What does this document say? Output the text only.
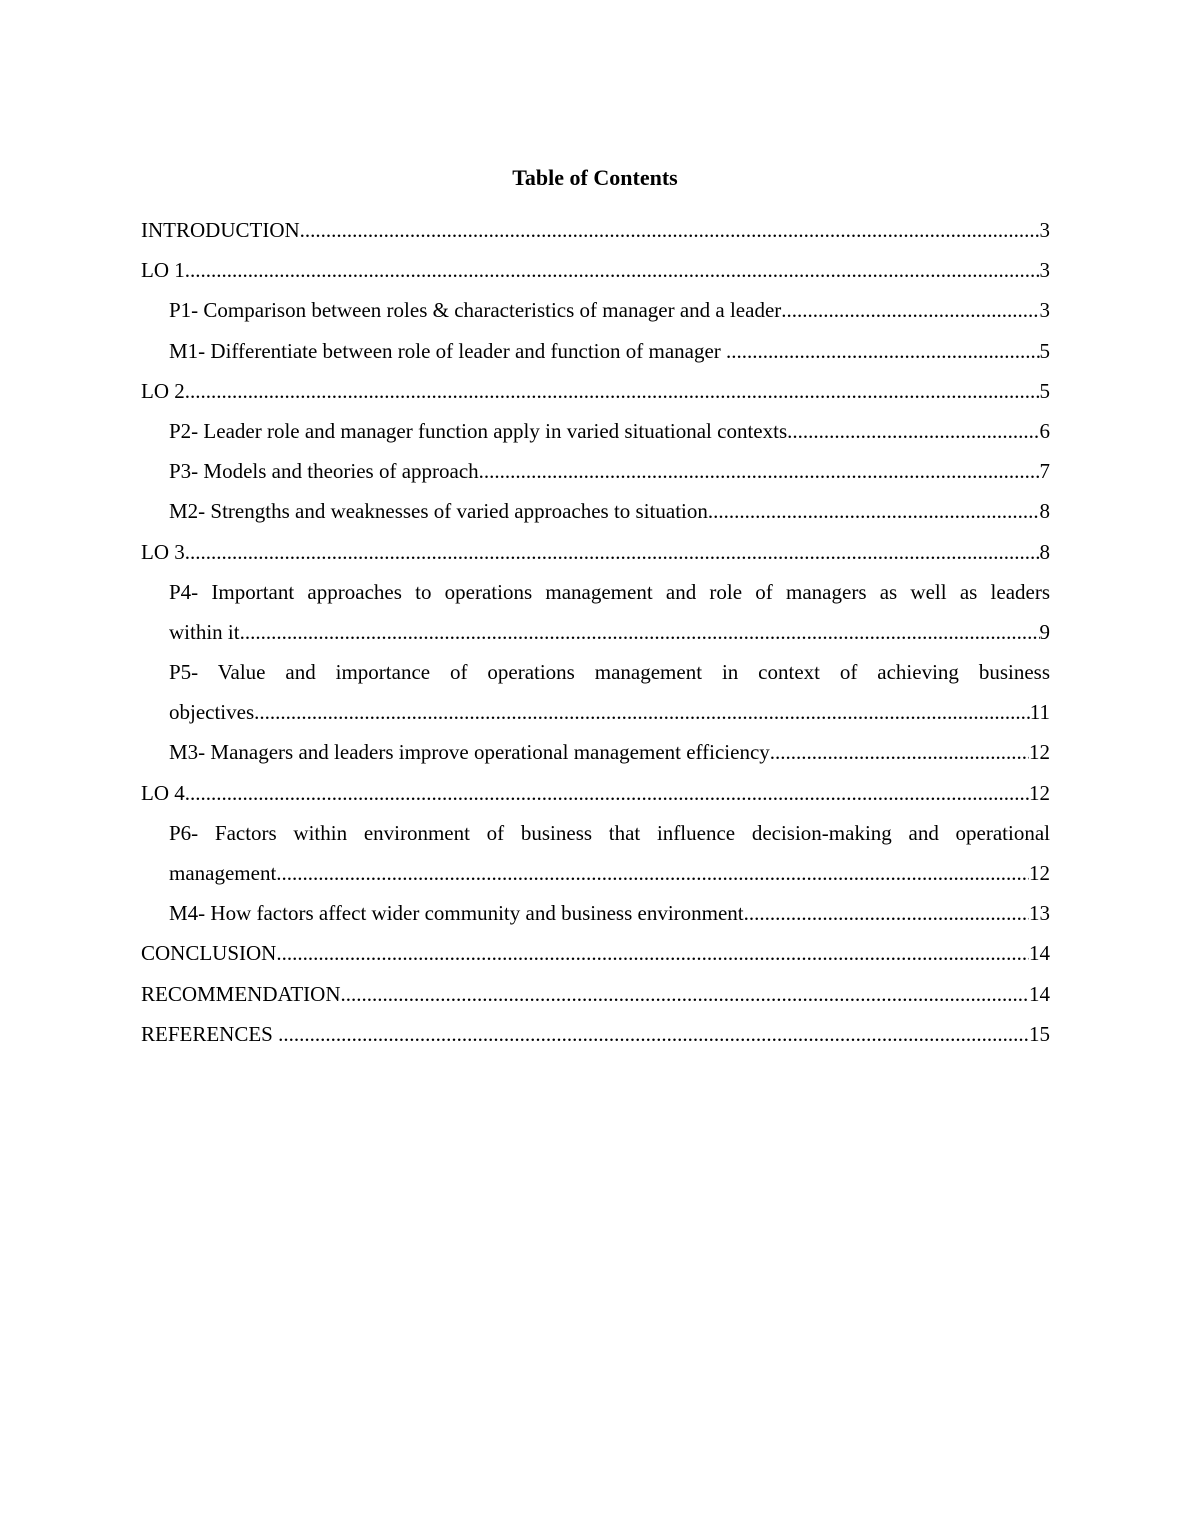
Table of Contents
INTRODUCTION .....	3
LO 1 .....	3
P1- Comparison between roles & characteristics of manager and a leader .....	3
M1- Differentiate between role of leader and function of manager .....	5
LO 2 .....	5
P2- Leader role and manager function apply in varied situational contexts .....	6
P3- Models and theories of approach .....	7
M2- Strengths and weaknesses of varied approaches to situation .....	8
LO 3 .....	8
P4- Important approaches to operations management and role of managers as well as leaders
within it .....	9
P5- Value and importance of operations management in context of achieving business
objectives .....	11
M3- Managers and leaders improve operational management efficiency .....	12
LO 4 .....	12
P6- Factors within environment of business that influence decision-making and operational
management .....	12
M4- How factors affect wider community and business environment .....	13
CONCLUSION .....	14
RECOMMENDATION .....	14
REFERENCES .....	15
